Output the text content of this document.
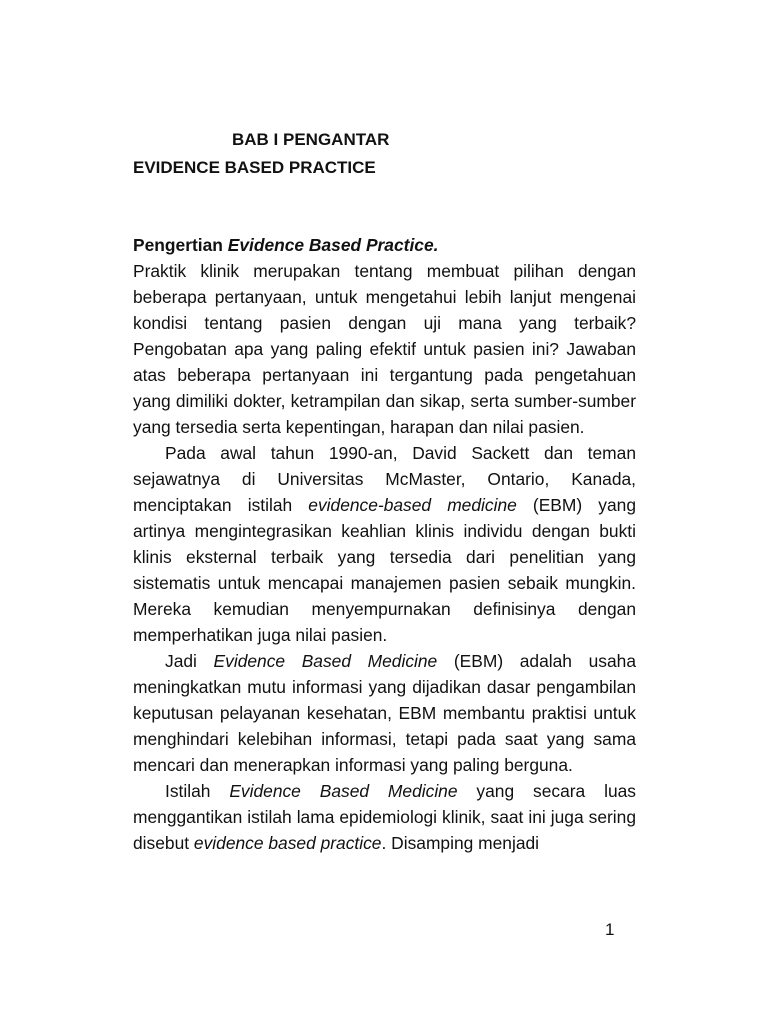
BAB I PENGANTAR
EVIDENCE BASED PRACTICE

Pengertian Evidence Based Practice.

Praktik klinik merupakan tentang membuat pilihan dengan beberapa pertanyaan, untuk mengetahui lebih lanjut mengenai kondisi tentang pasien dengan uji mana yang terbaik? Pengobatan apa yang paling efektif untuk pasien ini? Jawaban atas beberapa pertanyaan ini tergantung pada pengetahuan yang dimiliki dokter, ketrampilan dan sikap, serta sumber-sumber yang tersedia serta kepentingan, harapan dan nilai pasien.

Pada awal tahun 1990-an, David Sackett dan teman sejawatnya di Universitas McMaster, Ontario, Kanada, menciptakan istilah evidence-based medicine (EBM) yang artinya mengintegrasikan keahlian klinis individu dengan bukti klinis eksternal terbaik yang tersedia dari penelitian yang sistematis untuk mencapai manajemen pasien sebaik mungkin. Mereka kemudian menyempurnakan definisinya dengan memperhatikan juga nilai pasien.

Jadi Evidence Based Medicine (EBM) adalah usaha meningkatkan mutu informasi yang dijadikan dasar pengambilan keputusan pelayanan kesehatan, EBM membantu praktisi untuk menghindari kelebihan informasi, tetapi pada saat yang sama mencari dan menerapkan informasi yang paling berguna.

Istilah Evidence Based Medicine yang secara luas menggantikan istilah lama epidemiologi klinik, saat ini juga sering disebut evidence based practice. Disamping menjadi

1
